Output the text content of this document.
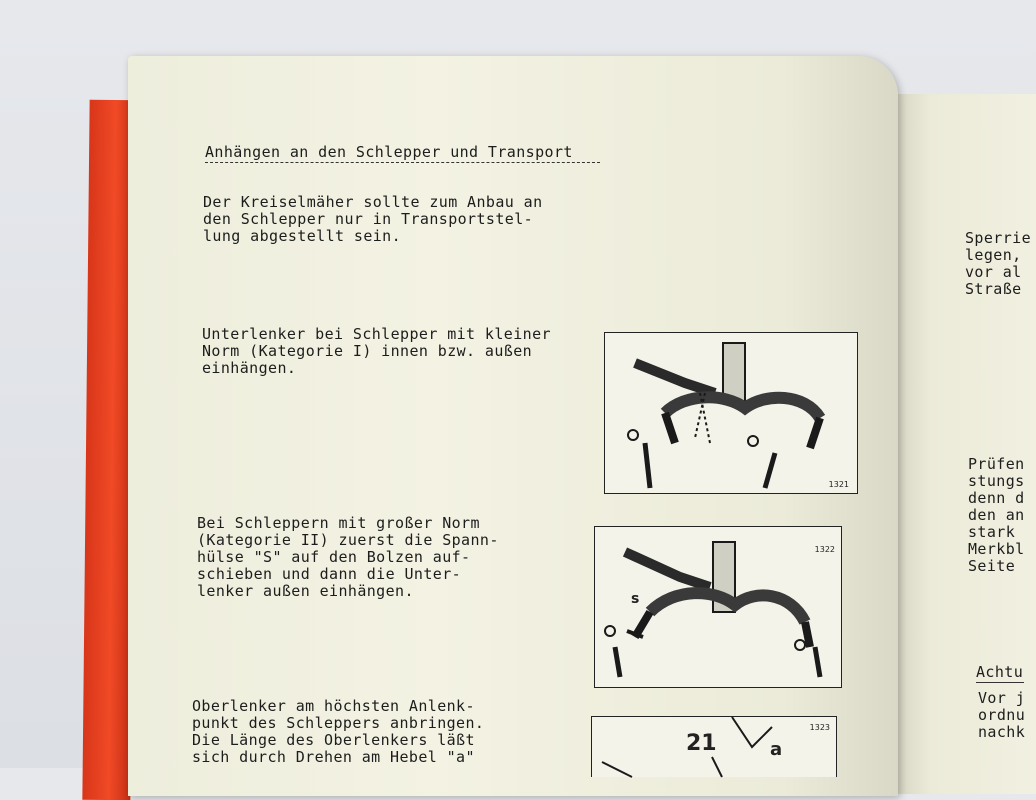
Anhängen an den Schlepper und Transport
Der Kreiselmäher sollte zum Anbau an
den Schlepper nur in Transportstel-
lung abgestellt sein.
Unterlenker bei Schlepper mit kleiner
Norm (Kategorie I) innen bzw. außen
einhängen.
Bei Schleppern mit großer Norm
(Kategorie II) zuerst die Spann-
hülse "S" auf den Bolzen auf-
schieben und dann die Unter-
lenker außen einhängen.
Oberlenker am höchsten Anlenk-
punkt des Schleppers anbringen.
Die Länge des Oberlenkers läßt
sich durch Drehen am Hebel "a"
1321
s
1322
21	a
1323
Sperrie
legen,
vor al
Straße
Prüfen
stungs
denn d
den an
stark
Merkbl
Seite
Achtu
Vor j
ordnu
nachk
